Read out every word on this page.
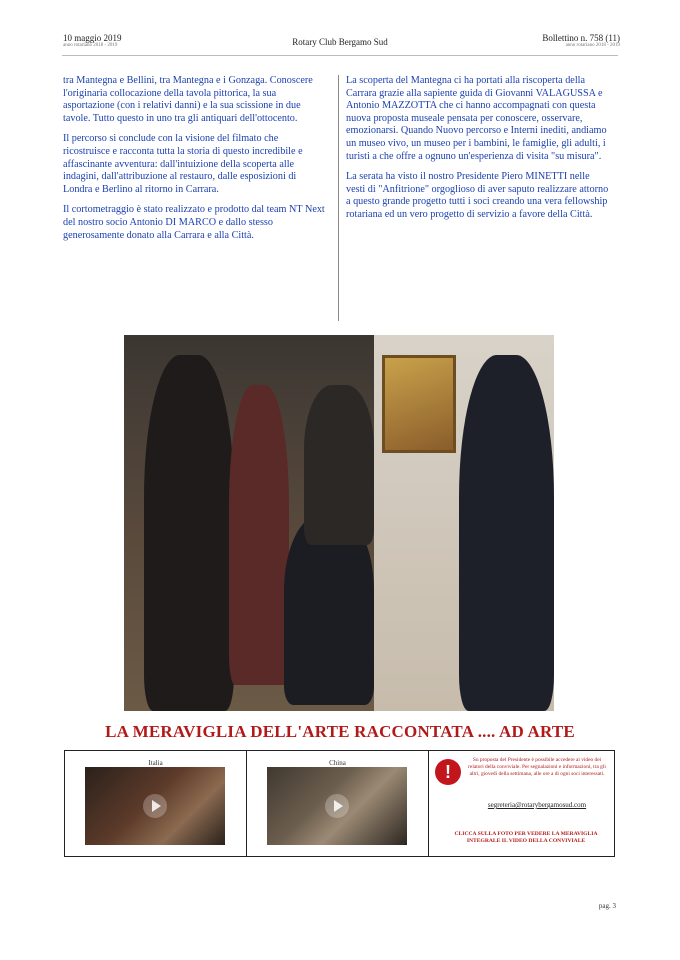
10 maggio 2019
anno rotariano 2018 - 2019	Rotary Club Bergamo Sud	Bollettino n. 758 (11)
anno rotariano 2018 - 2019

tra Mantegna e Bellini, tra Mantegna e i Gonzaga. Conoscere l'originaria collocazione della tavola pittorica, la sua asportazione (con i relativi danni) e la sua scissione in due tavole. Tutto questo in uno tra gli antiquari dell'ottocento.

Il percorso si conclude con la visione del filmato che ricostruisce e racconta tutta la storia di questo incredibile e affascinante avventura: dall'intuizione della scoperta alle indagini, dall'attribuzione al restauro, dalle esposizioni di Londra e Berlino al ritorno in Carrara.

Il cortometraggio è stato realizzato e prodotto dal team NT Next del nostro socio Antonio DI MARCO e dallo stesso generosamente donato alla Carrara e alla Città.

La scoperta del Mantegna ci ha portati alla riscoperta della Carrara grazie alla sapiente guida di Giovanni VALAGUSSA e Antonio MAZZOTTA che ci hanno accompagnati con questa nuova proposta museale pensata per conoscere, osservare, emozionarsi. Quando Nuovo percorso e Interni inediti, andiamo un museo vivo, un museo per i bambini, le famiglie, gli adulti, i turisti a che offre a ognuno un'esperienza di visita "su misura".

La serata ha visto il nostro Presidente Piero MINETTI nelle vesti di "Anfitrione" orgoglioso di aver saputo realizzare attorno a questo grande progetto tutti i soci creando una vera fellowship rotariana ed un vero progetto di servizio a favore della Città.

LA MERAVIGLIA DELL'ARTE RACCONTATA .... AD ARTE
Italia	China	!
Su proposta del Presidente è possibile accedere ai video dei relatori della conviviale. Per segnalazioni e informazioni, tra gli altri, giovedì della settimana, alle ore a di ogni soci interessati.
segreteria@rotarybergamosud.com
CLICCA SULLA FOTO PER VEDERE LA MERAVIGLIA INTEGRALE IL VIDEO DELLA CONVIVIALE
pag. 3
